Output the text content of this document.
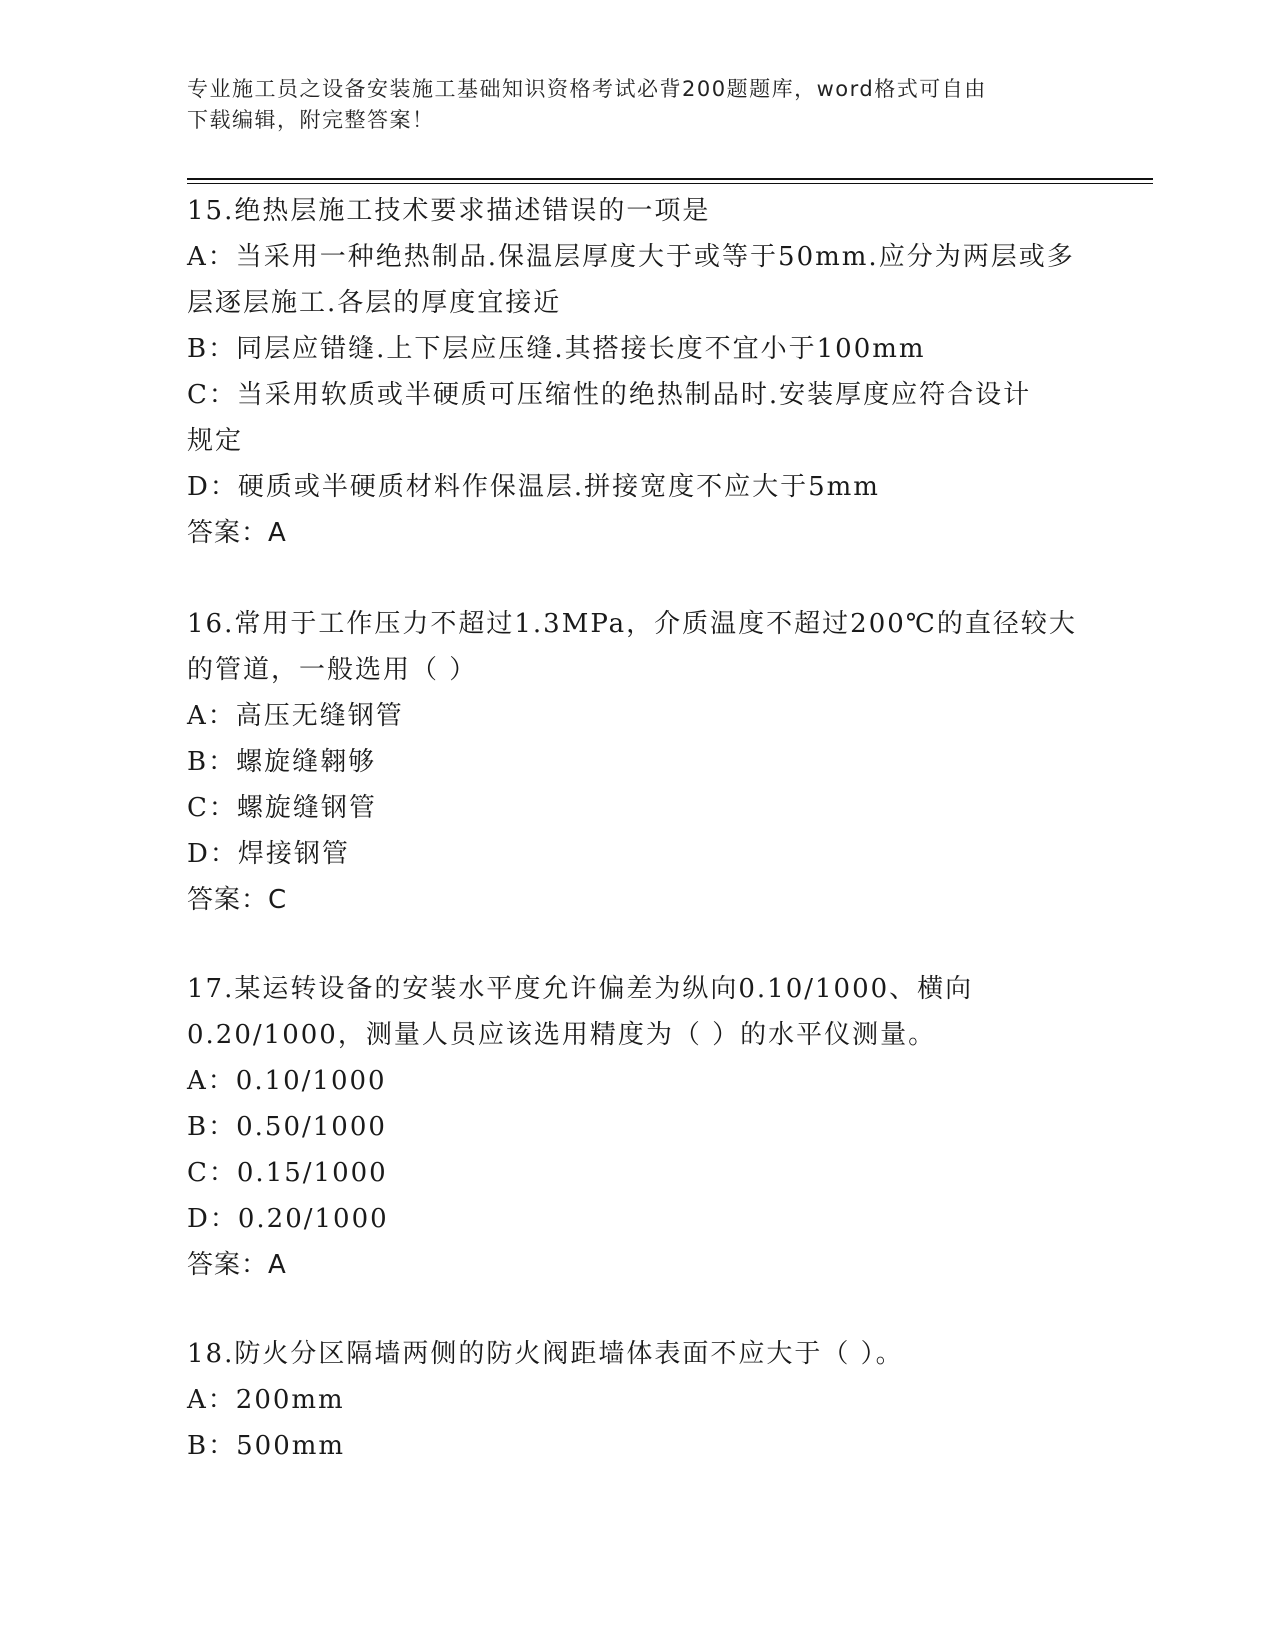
专业施工员之设备安装施工基础知识资格考试必背200题题库，word格式可自由
下载编辑，附完整答案！
15.绝热层施工技术要求描述错误的一项是
A：当采用一种绝热制品.保温层厚度大于或等于50mm.应分为两层或多
层逐层施工.各层的厚度宜接近
B：同层应错缝.上下层应压缝.其搭接长度不宜小于100mm
C：当采用软质或半硬质可压缩性的绝热制品时.安装厚度应符合设计
规定
D：硬质或半硬质材料作保温层.拼接宽度不应大于5mm
答案：A
16.常用于工作压力不超过1.3MPa，介质温度不超过200℃的直径较大
的管道，一般选用（ ）
A：高压无缝钢管
B：螺旋缝翱够
C：螺旋缝钢管
D：焊接钢管
答案：C
17.某运转设备的安装水平度允许偏差为纵向0.10/1000、横向
0.20/1000，测量人员应该选用精度为（ ）的水平仪测量。
A：0.10/1000
B：0.50/1000
C：0.15/1000
D：0.20/1000
答案：A
18.防火分区隔墙两侧的防火阀距墙体表面不应大于（ ）。
A：200mm
B：500mm
